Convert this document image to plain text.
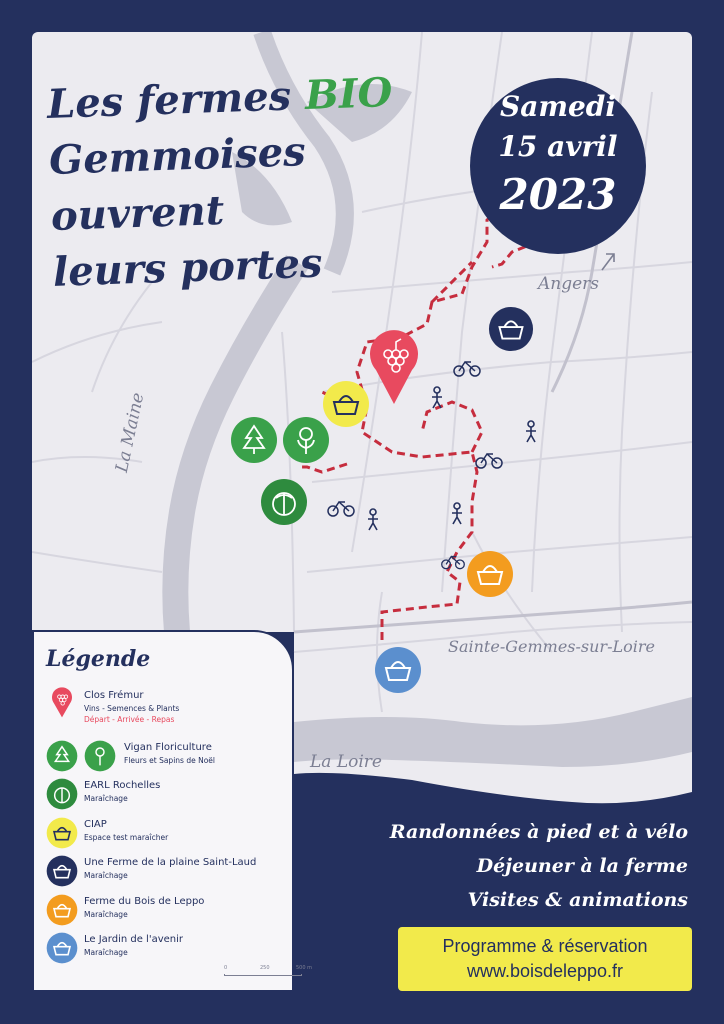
Les fermes BIO
Gemmoises
ouvrent
leurs portes
Samedi
15 avril
2023
Angers
La Maine
Sainte-Gemmes-sur-Loire
La Loire
Légende
Clos Frémur
Vins - Semences & Plants
Départ - Arrivée - Repas
Vigan Floriculture
Fleurs et Sapins de Noël
EARL Rochelles
Maraîchage
CIAP
Espace test maraîcher
Une Ferme de la plaine Saint-Laud
Maraîchage
Ferme du Bois de Leppo
Maraîchage
Le Jardin de l'avenir
Maraîchage
0	250	500 m
Randonnées à pied et à vélo
Déjeuner à la ferme
Visites & animations
Programme & réservation
www.boisdeleppo.fr
